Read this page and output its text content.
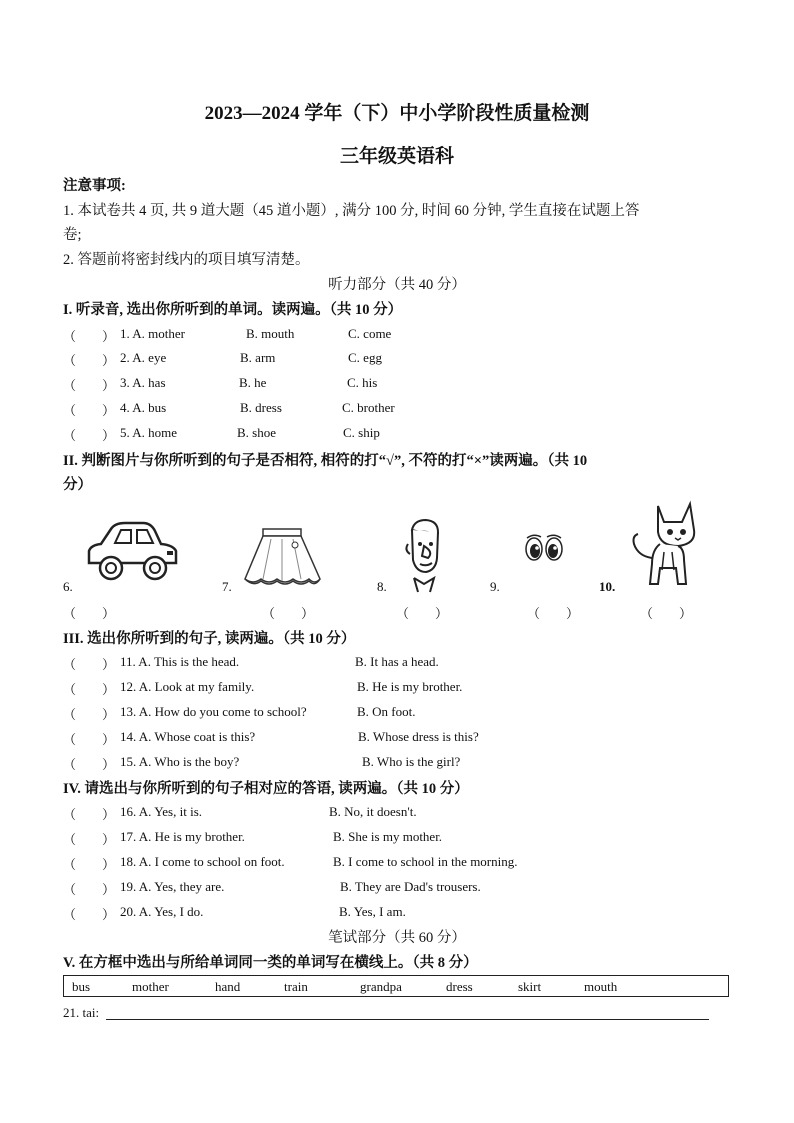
2023—2024 学年（下）中小学阶段性质量检测
三年级英语科
注意事项:
1. 本试卷共 4 页, 共 9 道大题（45 道小题）, 满分 100 分, 时间 60 分钟, 学生直接在试题上答
卷;
2. 答题前将密封线内的项目填写清楚。
听力部分（共 40 分）
I. 听录音, 选出你所听到的单词。读两遍。（共 10 分）
（　　） 1. A. mother	B. mouth	C. come
（　　） 2. A. eye	B. arm	C. egg
（　　） 3. A. has	B. he	C. his
（　　） 4. A. bus	B. dress	C. brother
（　　） 5. A. home	B. shoe	C. ship
II. 判断图片与你所听到的句子是否相符, 相符的打“√”, 不符的打“×”读两遍。（共 10
分）
6.
（　　）
7.
（　　）
8.
（　　）
9.
（　　）
10.
（　　）
III. 选出你所听到的句子, 读两遍。（共 10 分）
（　　） 11. A. This is the head.	B. It has a head.
（　　） 12. A. Look at my family.	B. He is my brother.
（　　） 13. A. How do you come to school?	B. On foot.
（　　） 14. A. Whose coat is this?	B. Whose dress is this?
（　　） 15. A. Who is the boy?	B. Who is the girl?
IV. 请选出与你所听到的句子相对应的答语, 读两遍。（共 10 分）
（　　） 16. A. Yes, it is.	B. No, it doesn't.
（　　） 17. A. He is my brother.	B. She is my mother.
（　　） 18. A. I come to school on foot.	B. I come to school in the morning.
（　　） 19. A. Yes, they are.	B. They are Dad's trousers.
（　　） 20. A. Yes, I do.	B. Yes, I am.
笔试部分（共 60 分）
V. 在方框中选出与所给单词同一类的单词写在横线上。（共 8 分）
bus	mother	hand	train	grandpa	dress	skirt	mouth
21. tai:
